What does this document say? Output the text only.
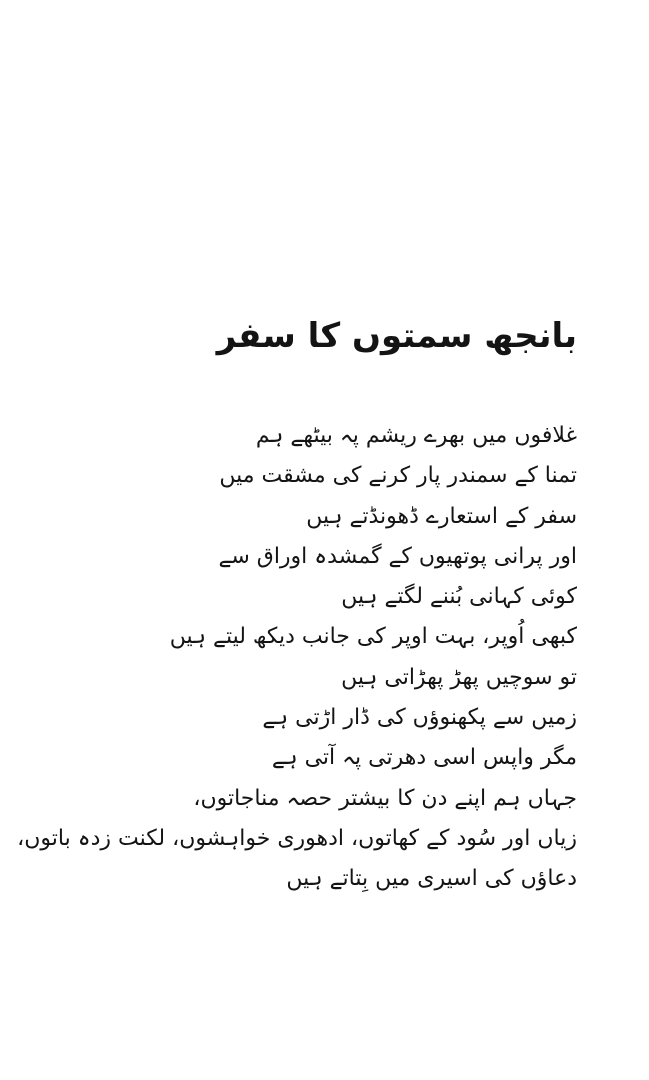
بانجھ سمتوں کا سفر
غلافوں میں بھرے ریشم پہ بیٹھے ہم
تمنا کے سمندر پار کرنے کی مشقت میں
سفر کے استعارے ڈھونڈتے ہیں
اور پرانی پوتھیوں کے گمشدہ اوراق سے
کوئی کہانی بُننے لگتے ہیں
کبھی اُوپر، بہت اوپر کی جانب دیکھ لیتے ہیں
تو سوچیں پھڑ پھڑاتی ہیں
زمیں سے پکھنوؤں کی ڈار اڑتی ہے
مگر واپس اسی دھرتی پہ آتی ہے
جہاں ہم اپنے دن کا بیشتر حصہ مناجاتوں،
زیاں اور سُود کے کھاتوں، ادھوری خواہشوں، لکنت زدہ باتوں،
دعاؤں کی اسیری میں بِتاتے ہیں
